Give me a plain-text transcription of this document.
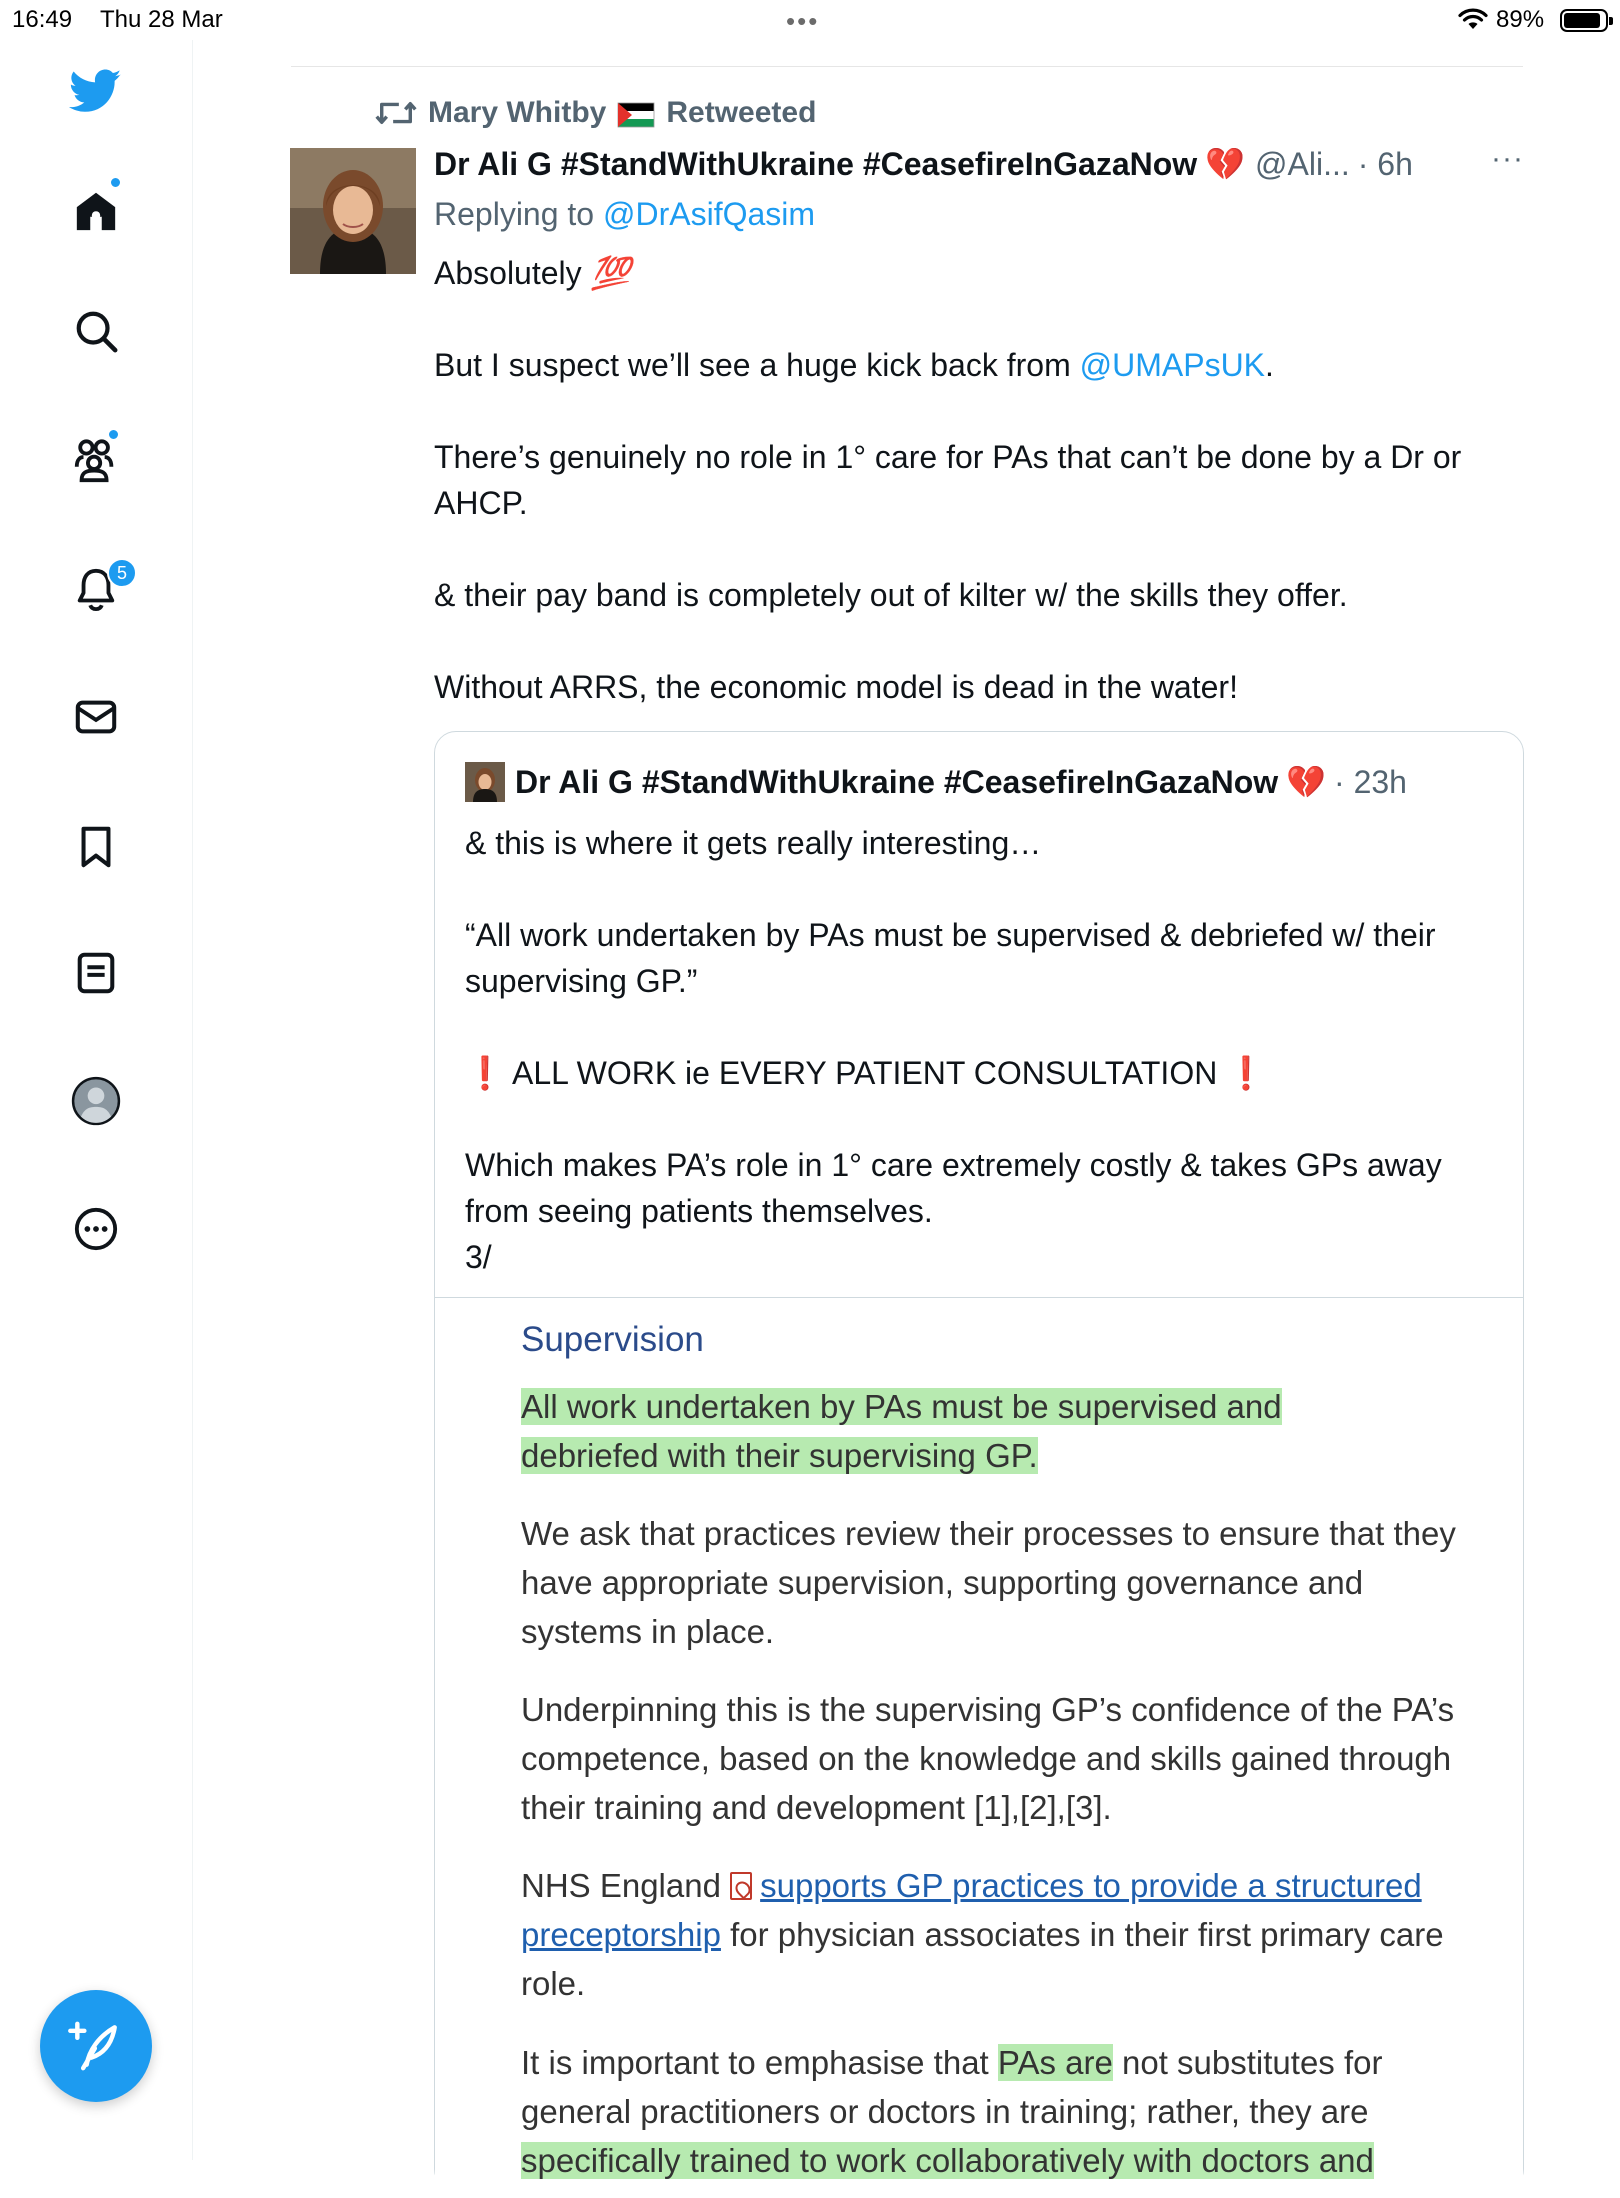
16:49 Thu 28 Mar	•••	89%
5
Mary Whitby Retweeted
Dr Ali G #StandWithUkraine #CeasefireInGazaNow 💔 @Ali... · 6h	···
Replying to @DrAsifQasim

Absolutely 💯

But I suspect we’ll see a huge kick back from @UMAPsUK.

There’s genuinely no role in 1° care for PAs that can’t be done by a Dr or AHCP.

& their pay band is completely out of kilter w/ the skills they offer.

Without ARRS, the economic model is dead in the water!

Dr Ali G #StandWithUkraine #CeasefireInGazaNow 💔 · 23h

& this is where it gets really interesting…

“All work undertaken by PAs must be supervised & debriefed w/ their supervising GP.”

❗ ALL WORK ie EVERY PATIENT CONSULTATION ❗

Which makes PA’s role in 1° care extremely costly & takes GPs away from seeing patients themselves.
3/

Supervision
All work undertaken by PAs must be supervised and
debriefed with their supervising GP.
We ask that practices review their processes to ensure that they have appropriate supervision, supporting governance and systems in place.
Underpinning this is the supervising GP’s confidence of the PA’s competence, based on the knowledge and skills gained through their training and development [1],[2],[3].
NHS England supports GP practices to provide a structured preceptorship for physician associates in their first primary care role.
It is important to emphasise that PAs are not substitutes for general practitioners or doctors in training; rather, they are
specifically trained to work collaboratively with doctors and
